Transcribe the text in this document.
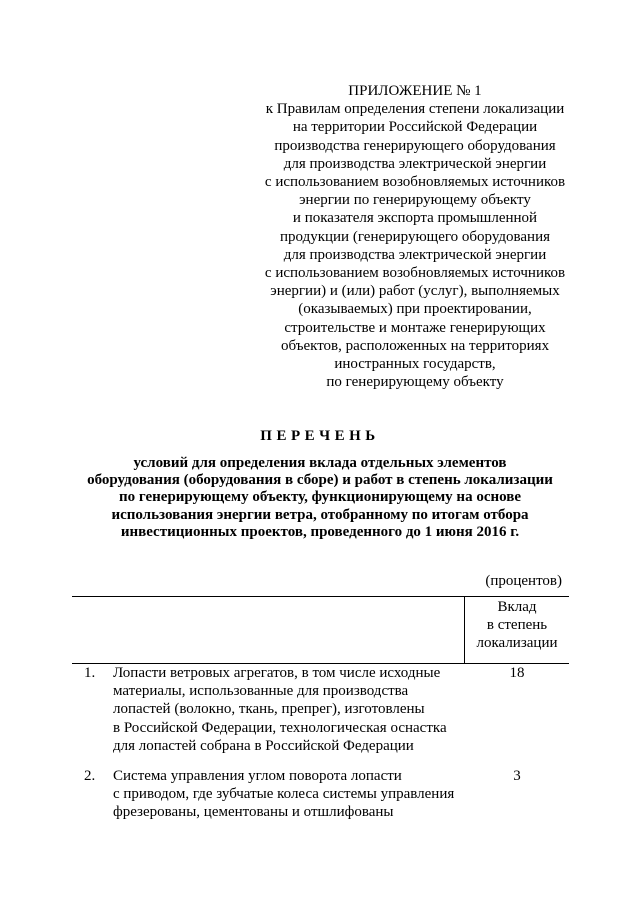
ПРИЛОЖЕНИЕ № 1
к Правилам определения степени локализации
на территории Российской Федерации
производства генерирующего оборудования
для производства электрической энергии
с использованием возобновляемых источников
энергии по генерирующему объекту
и показателя экспорта промышленной
продукции (генерирующего оборудования
для производства электрической энергии
с использованием возобновляемых источников
энергии) и (или) работ (услуг), выполняемых
(оказываемых) при проектировании,
строительстве и монтаже генерирующих
объектов, расположенных на территориях
иностранных государств,
по генерирующему объекту
ПЕРЕЧЕНЬ
условий для определения вклада отдельных элементов
оборудования (оборудования в сборе) и работ в степень локализации
по генерирующему объекту, функционирующему на основе
использования энергии ветра, отобранному по итогам отбора
инвестиционных проектов, проведенного до 1 июня 2016 г.
(процентов)
Вклад
в степень
локализации
1. Лопасти ветровых агрегатов, в том числе исходные
материалы, использованные для производства
лопастей (волокно, ткань, препрег), изготовлены
в Российской Федерации, технологическая оснастка
для лопастей собрана в Российской Федерации
18
2. Система управления углом поворота лопасти
с приводом, где зубчатые колеса системы управления
фрезерованы, цементованы и отшлифованы
3
